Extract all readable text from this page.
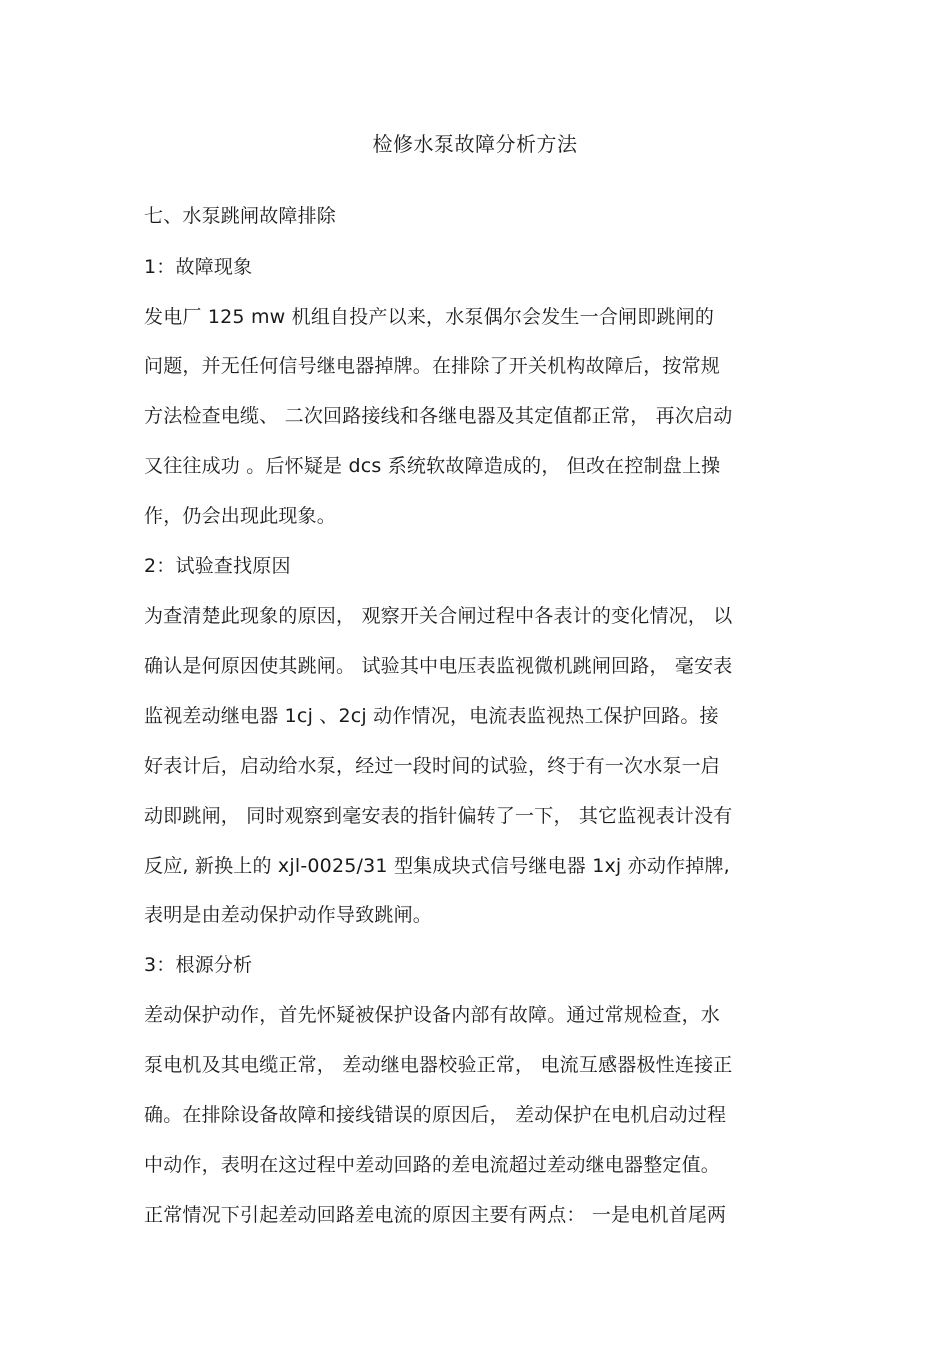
检修水泵故障分析方法
七、水泵跳闸故障排除
1：故障现象
发电厂 125 mw 机组自投产以来，水泵偶尔会发生一合闸即跳闸的
问题，并无任何信号继电器掉牌。在排除了开关机构故障后，按常规
方法检查电缆、 二次回路接线和各继电器及其定值都正常， 再次启动
又往往成功 。后怀疑是 dcs 系统软故障造成的， 但改在控制盘上操
作，仍会出现此现象。
2：试验查找原因
为查清楚此现象的原因， 观察开关合闸过程中各表计的变化情况， 以
确认是何原因使其跳闸。 试验其中电压表监视微机跳闸回路， 毫安表
监视差动继电器 1cj 、2cj 动作情况，电流表监视热工保护回路。接
好表计后，启动给水泵，经过一段时间的试验，终于有一次水泵一启
动即跳闸， 同时观察到毫安表的指针偏转了一下， 其它监视表计没有
反应, 新换上的 xjl-0025/31 型集成块式信号继电器 1xj 亦动作掉牌,
表明是由差动保护动作导致跳闸。
3：根源分析
差动保护动作，首先怀疑被保护设备内部有故障。通过常规检查，水
泵电机及其电缆正常， 差动继电器校验正常， 电流互感器极性连接正
确。在排除设备故障和接线错误的原因后， 差动保护在电机启动过程
中动作，表明在这过程中差动回路的差电流超过差动继电器整定值。
正常情况下引起差动回路差电流的原因主要有两点： 一是电机首尾两
